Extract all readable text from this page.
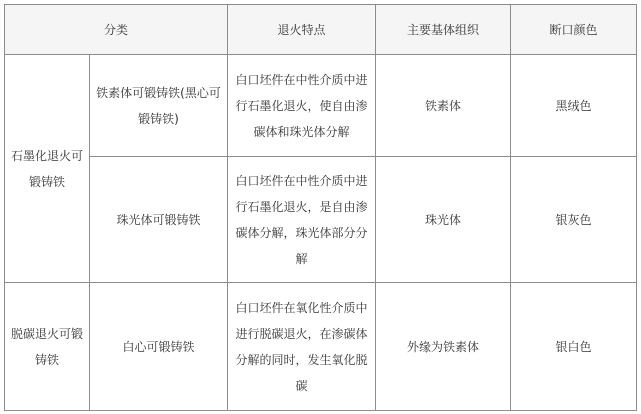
分类		退火特点	主要基体组织	断口颜色
石墨化退火可锻铸铁	铁素体可锻铸铁(黑心可锻铸铁)	白口坯件在中性介质中进行石墨化退火，使自由渗碳体和珠光体分解	铁素体	黑绒色
	珠光体可锻铸铁	白口坯件在中性介质中进行石墨化退火，是自由渗碳体分解，珠光体部分分解	珠光体	银灰色
脱碳退火可锻铸铁	白心可锻铸铁	白口坯件在氧化性介质中进行脱碳退火，在渗碳体分解的同时，发生氧化脱碳	外缘为铁素体	银白色
